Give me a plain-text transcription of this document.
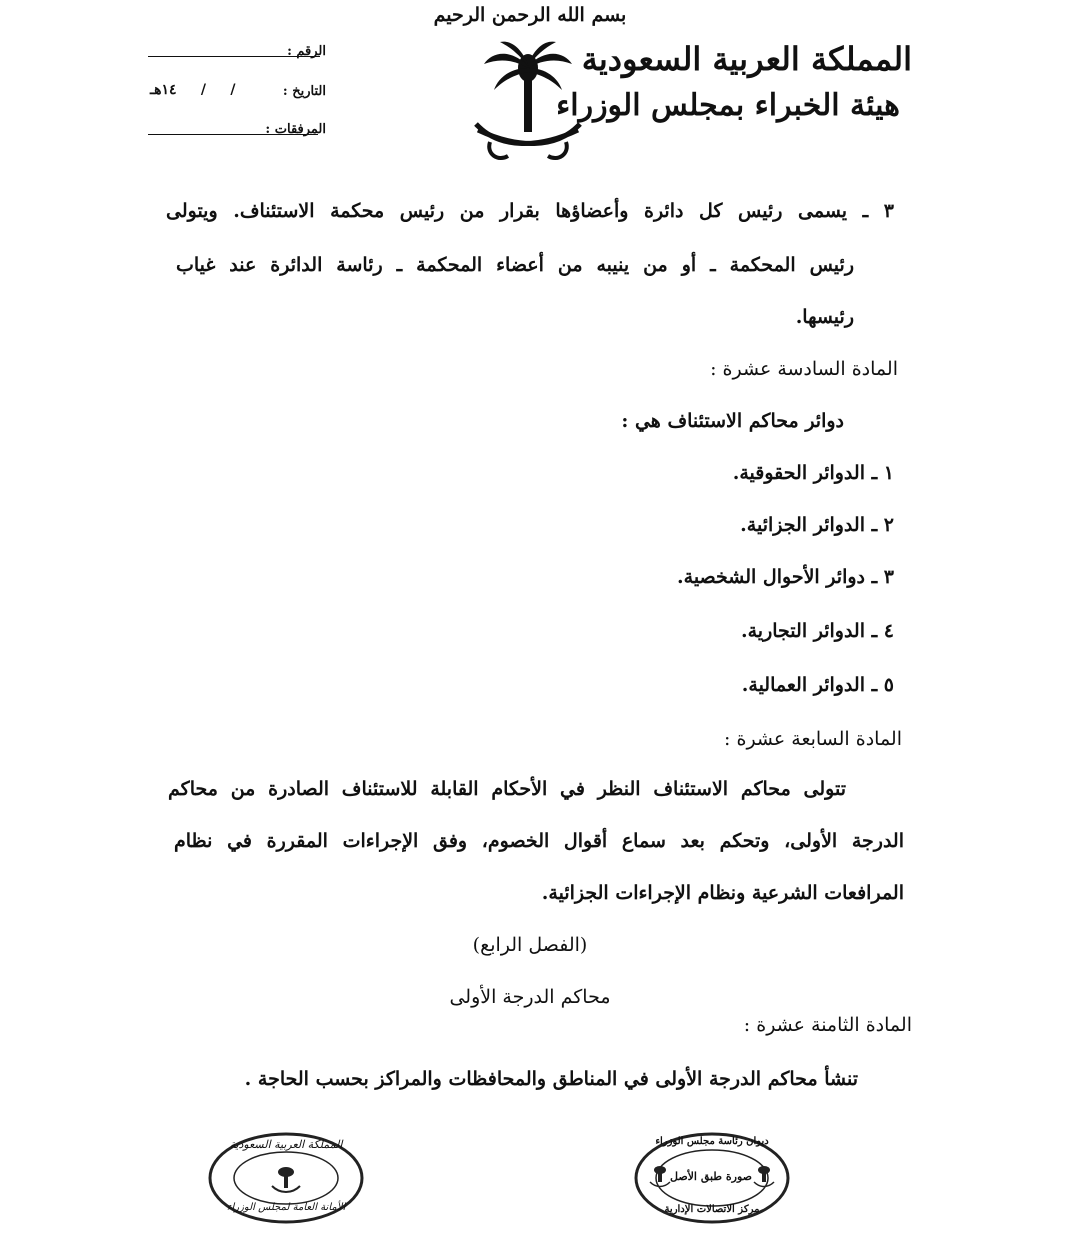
بسم الله الرحمن الرحيم
المملكة العربية السعودية
هيئة الخبراء بمجلس الوزراء
الرقم :
التاريخ :
/     /     ١٤هـ
المرفقات :
٣ ـ يسمى رئيس كل دائرة وأعضاؤها بقرار من رئيس محكمة الاستئناف. ويتولى
رئيس المحكمة ـ أو من ينيبه من أعضاء المحكمة ـ رئاسة الدائرة عند غياب
رئيسها.
المادة السادسة عشرة :
دوائر محاكم الاستئناف هي :
١ ـ الدوائر الحقوقية.
٢ ـ الدوائر الجزائية.
٣ ـ دوائر الأحوال الشخصية.
٤ ـ الدوائر التجارية.
٥ ـ الدوائر العمالية.
المادة السابعة عشرة :
تتولى محاكم الاستئناف النظر في الأحكام القابلة للاستئناف الصادرة من محاكم
الدرجة الأولى، وتحكم بعد سماع أقوال الخصوم، وفق الإجراءات المقررة في نظام
المرافعات الشرعية ونظام الإجراءات الجزائية.
(الفصل الرابع)
محاكم الدرجة الأولى
المادة الثامنة عشرة :
تنشأ محاكم الدرجة الأولى في المناطق والمحافظات والمراكز بحسب الحاجة .
المملكة العربية السعودية
الأمانة العامة لمجلس الوزراء
ديوان رئاسة مجلس الوزراء
صورة طبق الأصل
مركز الاتصالات الإدارية
